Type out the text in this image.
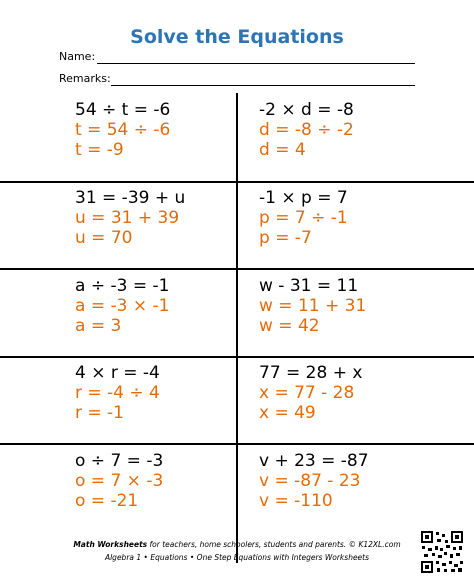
Solve the Equations
Name:
Remarks:
54 ÷ t = -6
t = 54 ÷ -6
t = -9
-2 × d = -8
d = -8 ÷ -2
d = 4
31 = -39 + u
u = 31 + 39
u = 70
-1 × p = 7
p = 7 ÷ -1
p = -7
a ÷ -3 = -1
a = -3 × -1
a = 3
w - 31 = 11
w = 11 + 31
w = 42
4 × r = -4
r = -4 ÷ 4
r = -1
77 = 28 + x
x = 77 - 28
x = 49
o ÷ 7 = -3
o = 7 × -3
o = -21
v + 23 = -87
v = -87 - 23
v = -110
Math Worksheets for teachers, home schoolers, students and parents. © K12XL.com
Algebra 1 • Equations • One Step Equations with Integers Worksheets
